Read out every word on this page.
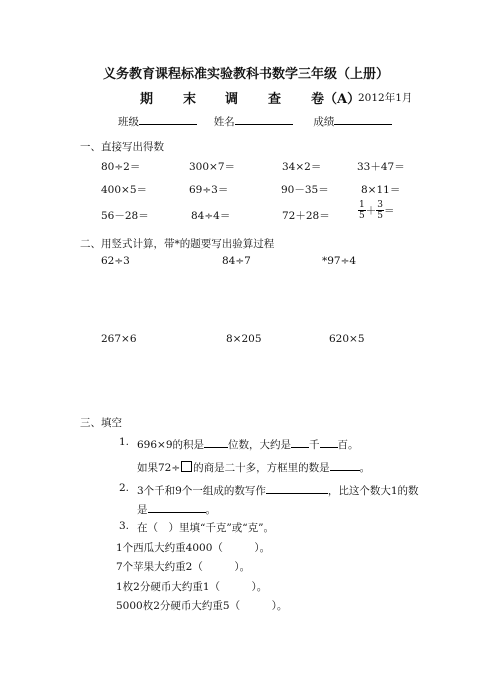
义务教育课程标准实验教科书数学三年级（上册）
期 末 调 查 卷（A）
2012年1月
班级	姓名	成绩
一、直接写出得数
80÷2＝	300×7＝	34×2＝	33＋47＝
400×5＝	69÷3＝	90－35＝	8×11＝
56－28＝	84÷4＝	72＋28＝	$\frac{1}{5} + \frac{3}{5}$ ＝
二、用竖式计算，带*的题要写出验算过程
62÷3	84÷7	*97÷4
267×6	8×205	620×5
三、填空
1. 696×9的积是 位数，大约是 千 百。
如果72÷ 的商是二十多，方框里的数是	。
2. 3个千和9个一组成的数写作	，比这个数大1的数
是	。
3. 在（　）里填“千克”或“克”。
1个西瓜大约重4000（　　　）。
7个苹果大约重2（　　　）。
1枚2分硬币大约重1（　　　）。
5000枚2分硬币大约重5（　　　）。
